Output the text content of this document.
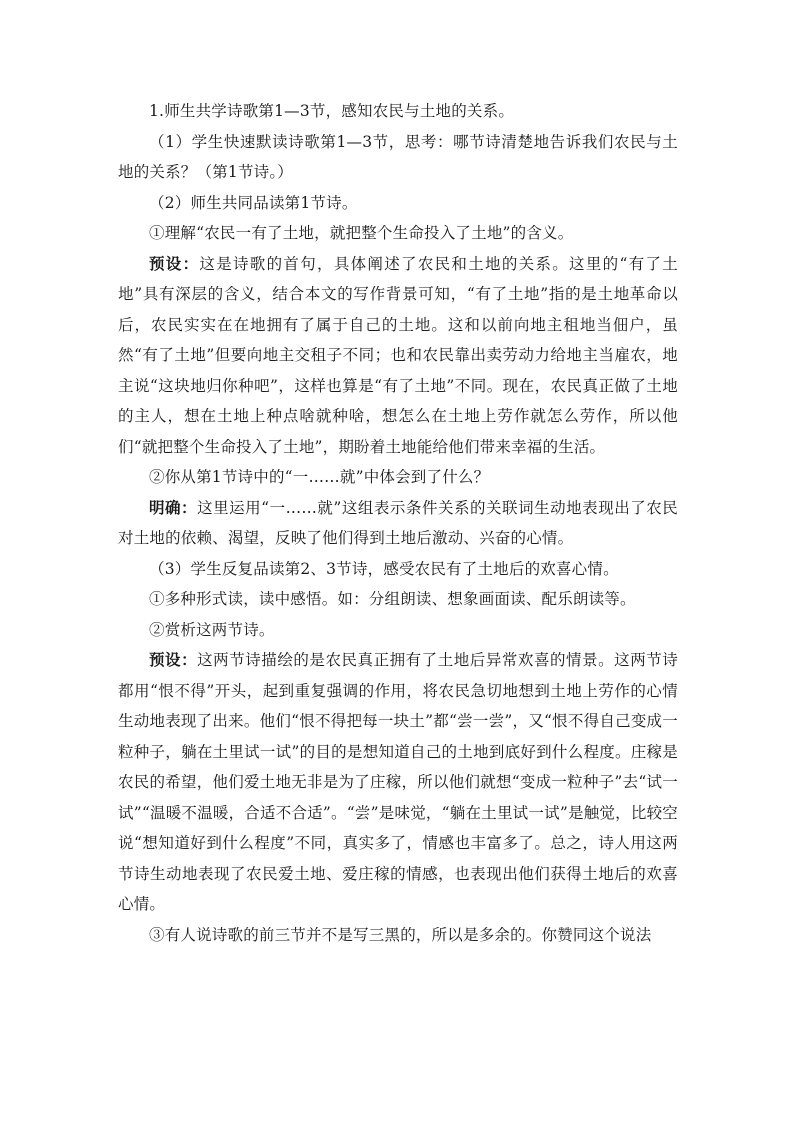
1.师生共学诗歌第1—3节，感知农民与土地的关系。

（1）学生快速默读诗歌第1—3节，思考：哪节诗清楚地告诉我们农民与土地的关系？（第1节诗。）

（2）师生共同品读第1节诗。

①理解“农民一有了土地，就把整个生命投入了土地”的含义。

预设：这是诗歌的首句，具体阐述了农民和土地的关系。这里的“有了土地”具有深层的含义，结合本文的写作背景可知，“有了土地”指的是土地革命以后，农民实实在在地拥有了属于自己的土地。这和以前向地主租地当佃户，虽然“有了土地”但要向地主交租子不同；也和农民靠出卖劳动力给地主当雇农，地主说“这块地归你种吧”，这样也算是“有了土地”不同。现在，农民真正做了土地的主人，想在土地上种点啥就种啥，想怎么在土地上劳作就怎么劳作，所以他们“就把整个生命投入了土地”，期盼着土地能给他们带来幸福的生活。

②你从第1节诗中的“一……就”中体会到了什么？

明确：这里运用“一……就”这组表示条件关系的关联词生动地表现出了农民对土地的依赖、渴望，反映了他们得到土地后激动、兴奋的心情。

（3）学生反复品读第2、3节诗，感受农民有了土地后的欢喜心情。

①多种形式读，读中感悟。如：分组朗读、想象画面读、配乐朗读等。

②赏析这两节诗。

预设：这两节诗描绘的是农民真正拥有了土地后异常欢喜的情景。这两节诗都用“恨不得”开头，起到重复强调的作用，将农民急切地想到土地上劳作的心情生动地表现了出来。他们“恨不得把每一块土”都“尝一尝”，又“恨不得自己变成一粒种子，躺在土里试一试”的目的是想知道自己的土地到底好到什么程度。庄稼是农民的希望，他们爱土地无非是为了庄稼，所以他们就想“变成一粒种子”去“试一试”“温暖不温暖，合适不合适”。“尝”是味觉，“躺在土里试一试”是触觉，比较空说“想知道好到什么程度”不同，真实多了，情感也丰富多了。总之，诗人用这两节诗生动地表现了农民爱土地、爱庄稼的情感，也表现出他们获得土地后的欢喜心情。

③有人说诗歌的前三节并不是写三黑的，所以是多余的。你赞同这个说法
